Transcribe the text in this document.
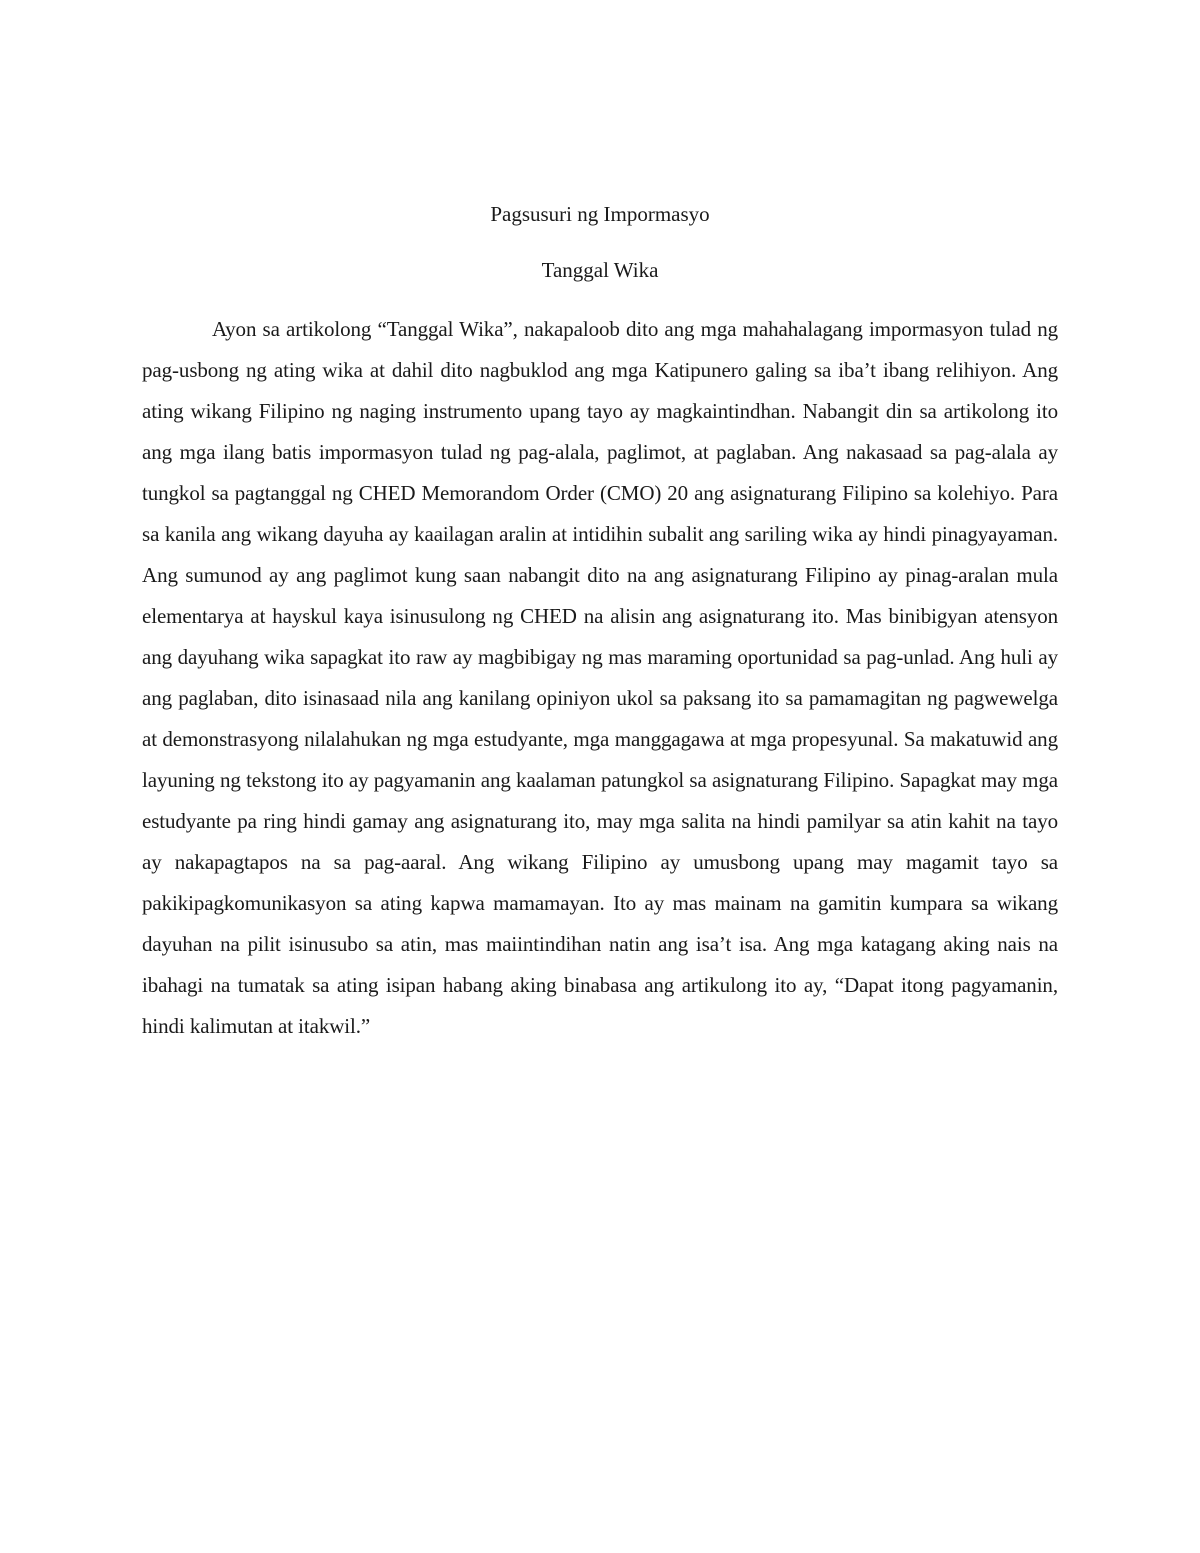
Pagsusuri ng Impormasyo
Tanggal Wika

Ayon sa artikolong “Tanggal Wika”, nakapaloob dito ang mga mahahalagang impormasyon tulad ng pag-usbong ng ating wika at dahil dito nagbuklod ang mga Katipunero galing sa iba’t ibang relihiyon. Ang ating wikang Filipino ng naging instrumento upang tayo ay magkaintindhan. Nabangit din sa artikolong ito ang mga ilang batis impormasyon tulad ng pag-alala, paglimot, at paglaban. Ang nakasaad sa pag-alala ay tungkol sa pagtanggal ng CHED Memorandom Order (CMO) 20 ang asignaturang Filipino sa kolehiyo. Para sa kanila ang wikang dayuha ay kaailagan aralin at intidihin subalit ang sariling wika ay hindi pinagyayaman. Ang sumunod ay ang paglimot kung saan nabangit dito na ang asignaturang Filipino ay pinag-aralan mula elementarya at hayskul kaya isinusulong ng CHED na alisin ang asignaturang ito. Mas binibigyan atensyon ang dayuhang wika sapagkat ito raw ay magbibigay ng mas maraming oportunidad sa pag-unlad. Ang huli ay ang paglaban, dito isinasaad nila ang kanilang opiniyon ukol sa paksang ito sa pamamagitan ng pagwewelga at demonstrasyong nilalahukan ng mga estudyante, mga manggagawa at mga propesyunal. Sa makatuwid ang layuning ng tekstong ito ay pagyamanin ang kaalaman patungkol sa asignaturang Filipino. Sapagkat may mga estudyante pa ring hindi gamay ang asignaturang ito, may mga salita na hindi pamilyar sa atin kahit na tayo ay nakapagtapos na sa pag-aaral. Ang wikang Filipino ay umusbong upang may magamit tayo sa pakikipagkomunikasyon sa ating kapwa mamamayan. Ito ay mas mainam na gamitin kumpara sa wikang dayuhan na pilit isinusubo sa atin, mas maiintindihan natin ang isa’t isa. Ang mga katagang aking nais na ibahagi na tumatak sa ating isipan habang aking binabasa ang artikulong ito ay, “Dapat itong pagyamanin, hindi kalimutan at itakwil.”
